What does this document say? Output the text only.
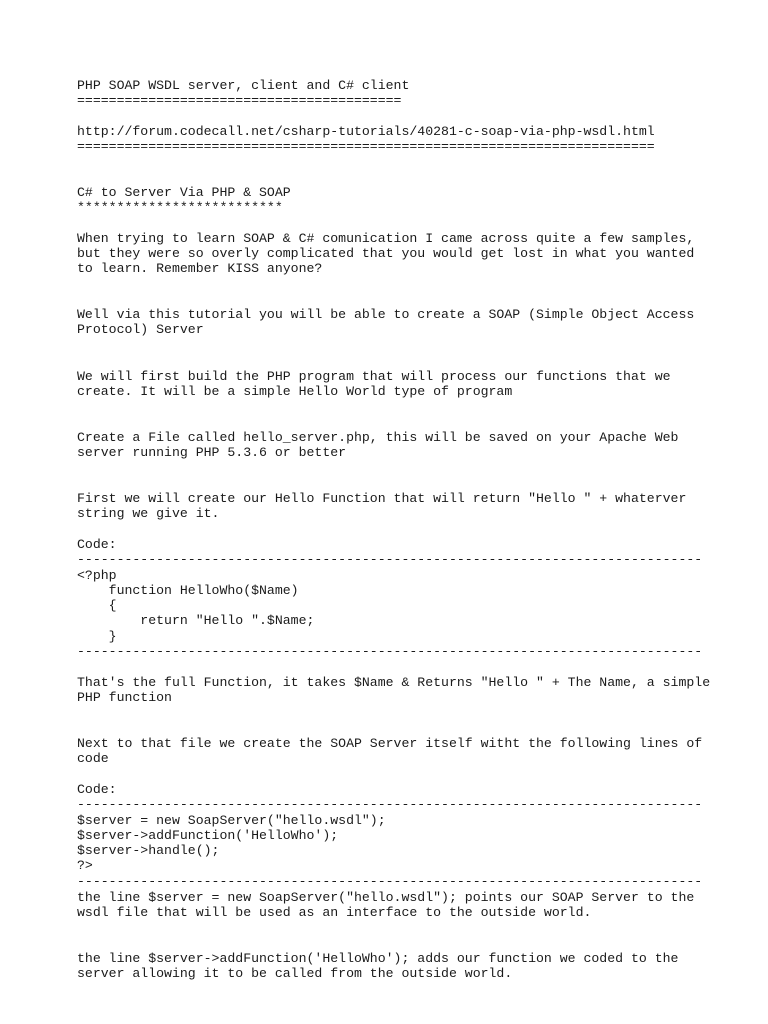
PHP SOAP WSDL server, client and C# client

=========================================

http://forum.codecall.net/csharp-tutorials/40281-c-soap-via-php-wsdl.html

=========================================================================

C# to Server Via PHP & SOAP

**************************

When trying to learn SOAP & C# comunication I came across quite a few samples,

but they were so overly complicated that you would get lost in what you wanted

to learn. Remember KISS anyone?

Well via this tutorial you will be able to create a SOAP (Simple Object Access

Protocol) Server

We will first build the PHP program that will process our functions that we

create. It will be a simple Hello World type of program

Create a File called hello_server.php, this will be saved on your Apache Web

server running PHP 5.3.6 or better

First we will create our Hello Function that will return "Hello " + whaterver

string we give it.

Code:

-------------------------------------------------------------------------------

<?php

function HelloWho($Name)

{

return "Hello ".$Name;

}

-------------------------------------------------------------------------------

That's the full Function, it takes $Name & Returns "Hello " + The Name, a simple

PHP function

Next to that file we create the SOAP Server itself witht the following lines of

code

Code:

-------------------------------------------------------------------------------

$server = new SoapServer("hello.wsdl");

$server->addFunction('HelloWho');

$server->handle();

?>

-------------------------------------------------------------------------------

the line $server = new SoapServer("hello.wsdl"); points our SOAP Server to the

wsdl file that will be used as an interface to the outside world.

the line $server->addFunction('HelloWho'); adds our function we coded to the

server allowing it to be called from the outside world.
